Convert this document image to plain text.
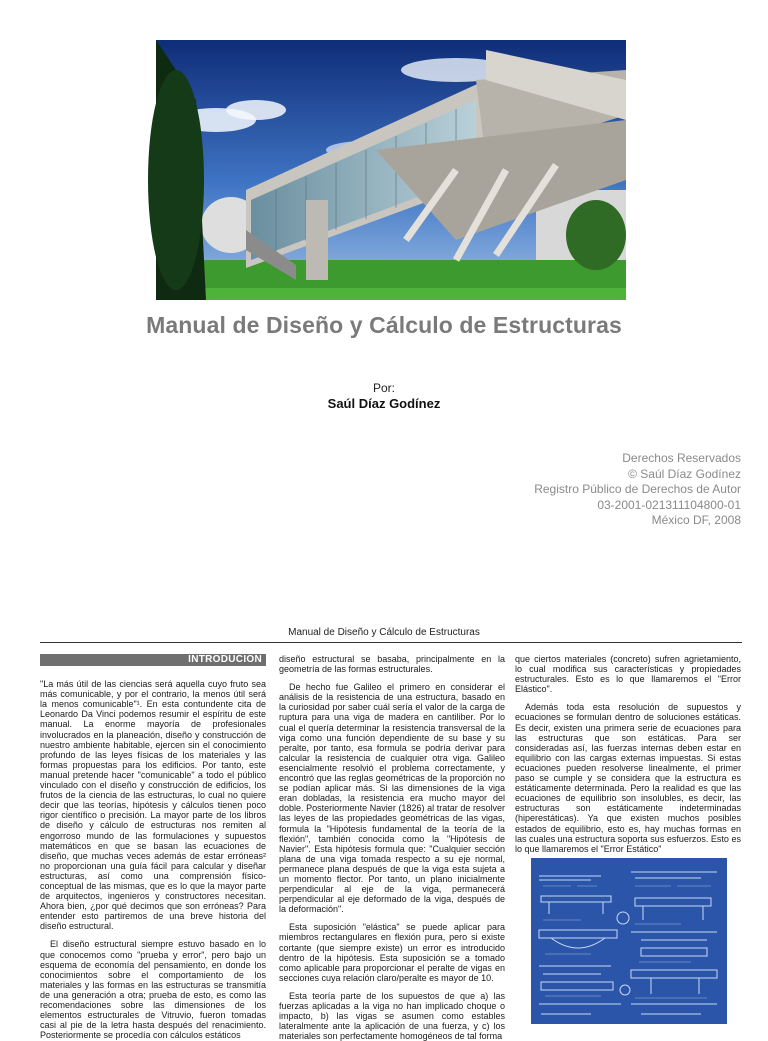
Manual de Diseño y Cálculo de Estructuras
Por:
Saúl Díaz Godínez
Derechos Reservados
© Saúl Díaz Godínez
Registro Público de Derechos de Autor
03-2001-021311104800-01
México DF, 2008
Manual de Diseño y Cálculo de Estructuras
INTRODUCION

"La más útil de las ciencias será aquella cuyo fruto sea más comunicable, y por el contrario, la menos útil será la menos comunicable"¹. En esta contundente cita de Leonardo Da Vinci podemos resumir el espíritu de este manual. La enorme mayoría de profesionales involucrados en la planeación, diseño y construcción de nuestro ambiente habitable, ejercen sin el conocimiento profundo de las leyes físicas de los materiales y las formas propuestas para los edificios. Por tanto, este manual pretende hacer "comunicable" a todo el público vinculado con el diseño y construcción de edificios, los frutos de la ciencia de las estructuras, lo cual no quiere decir que las teorías, hipótesis y cálculos tienen poco rigor científico o precisión. La mayor parte de los libros de diseño y cálculo de estructuras nos remiten al engorroso mundo de las formulaciones y supuestos matemáticos en que se basan las ecuaciones de diseño, que muchas veces además de estar erróneas² no proporcionan una guía fácil para calcular y diseñar estructuras, así como una comprensión físico-conceptual de las mismas, que es lo que la mayor parte de arquitectos, ingenieros y constructores necesitan. Ahora bien, ¿por qué decimos que son erróneas? Para entender esto partiremos de una breve historia del diseño estructural.

El diseño estructural siempre estuvo basado en lo que conocemos como "prueba y error", pero bajo un esquema de economía del pensamiento, en donde los conocimientos sobre el comportamiento de los materiales y las formas en las estructuras se transmitía de una generación a otra; prueba de esto, es como las recomendaciones sobre las dimensiones de los elementos estructurales de Vitruvio, fueron tomadas casi al pie de la letra hasta después del renacimiento. Posteriormente se procedía con cálculos estáticos

diseño estructural se basaba, principalmente en la geometría de las formas estructurales.

De hecho fue Galileo el primero en considerar el análisis de la resistencia de una estructura, basado en la curiosidad por saber cuál sería el valor de la carga de ruptura para una viga de madera en cantiliber. Por lo cual el quería determinar la resistencia transversal de la viga como una función dependiente de su base y su peralte, por tanto, esa formula se podría derivar para calcular la resistencia de cualquier otra viga. Galileo esencialmente resolvió el problema correctamente, y encontró que las reglas geométricas de la proporción no se podían aplicar más. Si las dimensiones de la viga eran dobladas, la resistencia era mucho mayor del doble. Posteriormente Navier (1826) al tratar de resolver las leyes de las propiedades geométricas de las vigas, formula la "Hipótesis fundamental de la teoría de la flexión", también conocida como la "Hipótesis de Navier". Esta hipótesis formula que: "Cualquier sección plana de una viga tomada respecto a su eje normal, permanece plana después de que la viga esta sujeta a un momento flector. Por tanto, un plano inicialmente perpendicular al eje de la viga, permanecerá perpendicular al eje deformado de la viga, después de la deformación".

Esta suposición "elástica" se puede aplicar para miembros rectangulares en flexión pura, pero si existe cortante (que siempre existe) un error es introducido dentro de la hipótesis. Esta suposición se a tomado como aplicable para proporcionar el peralte de vigas en secciones cuya relación claro/peralte es mayor de 10.

Esta teoría parte de los supuestos de que a) las fuerzas aplicadas a la viga no han implicado choque o impacto, b) las vigas se asumen como estables lateralmente ante la aplicación de una fuerza, y c) los materiales son perfectamente homogéneos de tal forma

que ciertos materiales (concreto) sufren agrietamiento, lo cual modifica sus características y propiedades estructurales. Esto es lo que llamaremos el "Error Elástico".

Además toda esta resolución de supuestos y ecuaciones se formulan dentro de soluciones estáticas. Es decir, existen una primera serie de ecuaciones para las estructuras que son estáticas. Para ser consideradas así, las fuerzas internas deben estar en equilibrio con las cargas externas impuestas. Si estas ecuaciones pueden resolverse linealmente, el primer paso se cumple y se considera que la estructura es estáticamente determinada. Pero la realidad es que las ecuaciones de equilibrio son insolubles, es decir, las estructuras son estáticamente indeterminadas (hiperestáticas). Ya que existen muchos posibles estados de equilibrio, esto es, hay muchas formas en las cuales una estructura soporta sus esfuerzos. Esto es lo que llamaremos el "Error Estático"
